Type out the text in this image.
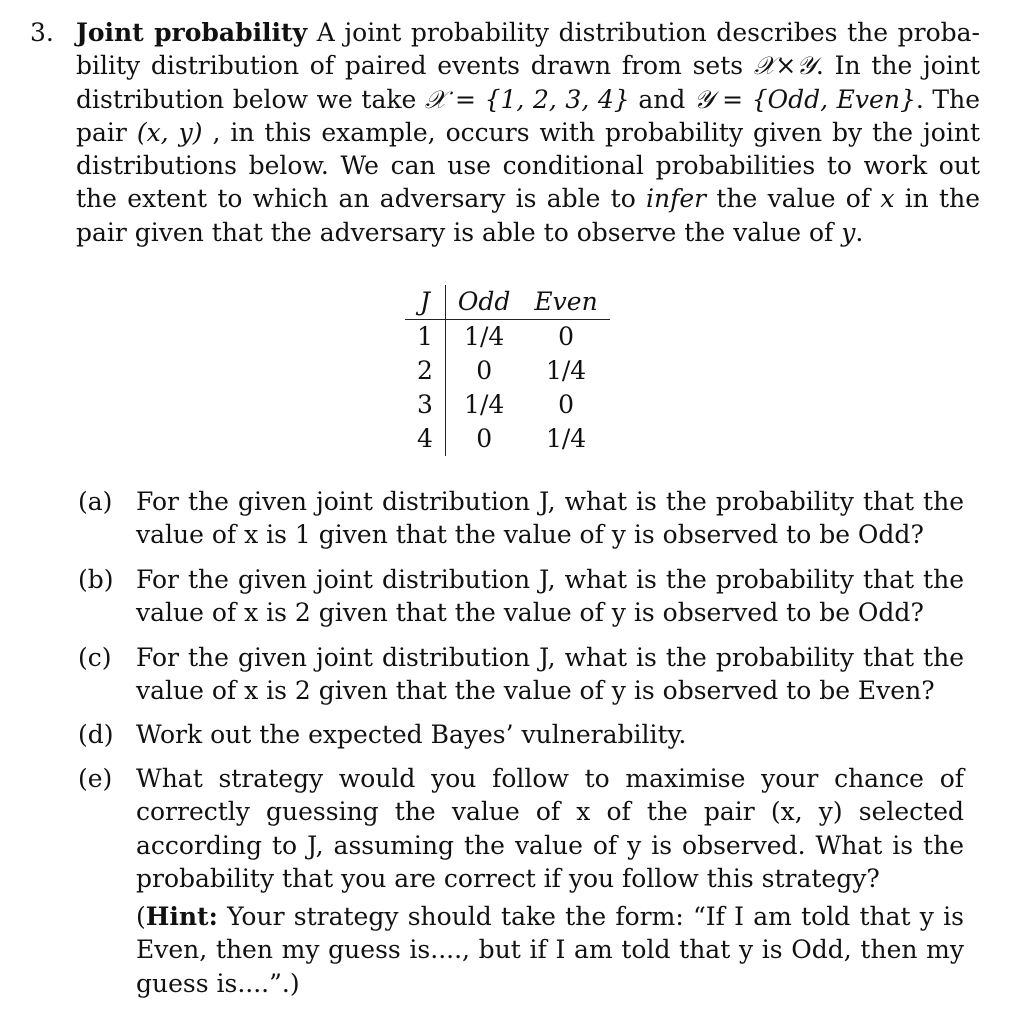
3. Joint probability A joint probability distribution describes the proba-bility distribution of paired events drawn from sets 𝒳×𝒴. In the joint distribution below we take 𝒳 = {1, 2, 3, 4} and 𝒴 = {Odd, Even}. The pair (x, y) , in this example, occurs with probability given by the joint distributions below. We can use conditional probabilities to work out the extent to which an adversary is able to infer the value of x in the pair given that the adversary is able to observe the value of y.
J	Odd	Even
1	1/4	0
2	0	1/4
3	1/4	0
4	0	1/4
(a) For the given joint distribution J, what is the probability that the value of x is 1 given that the value of y is observed to be Odd?
(b) For the given joint distribution J, what is the probability that the value of x is 2 given that the value of y is observed to be Odd?
(c) For the given joint distribution J, what is the probability that the value of x is 2 given that the value of y is observed to be Even?
(d) Work out the expected Bayes’ vulnerability.
(e) What strategy would you follow to maximise your chance of correctly guessing the value of x of the pair (x, y) selected according to J, assuming the value of y is observed. What is the probability that you are correct if you follow this strategy?
(Hint: Your strategy should take the form: “If I am told that y is Even, then my guess is...., but if I am told that y is Odd, then my guess is....”.)
